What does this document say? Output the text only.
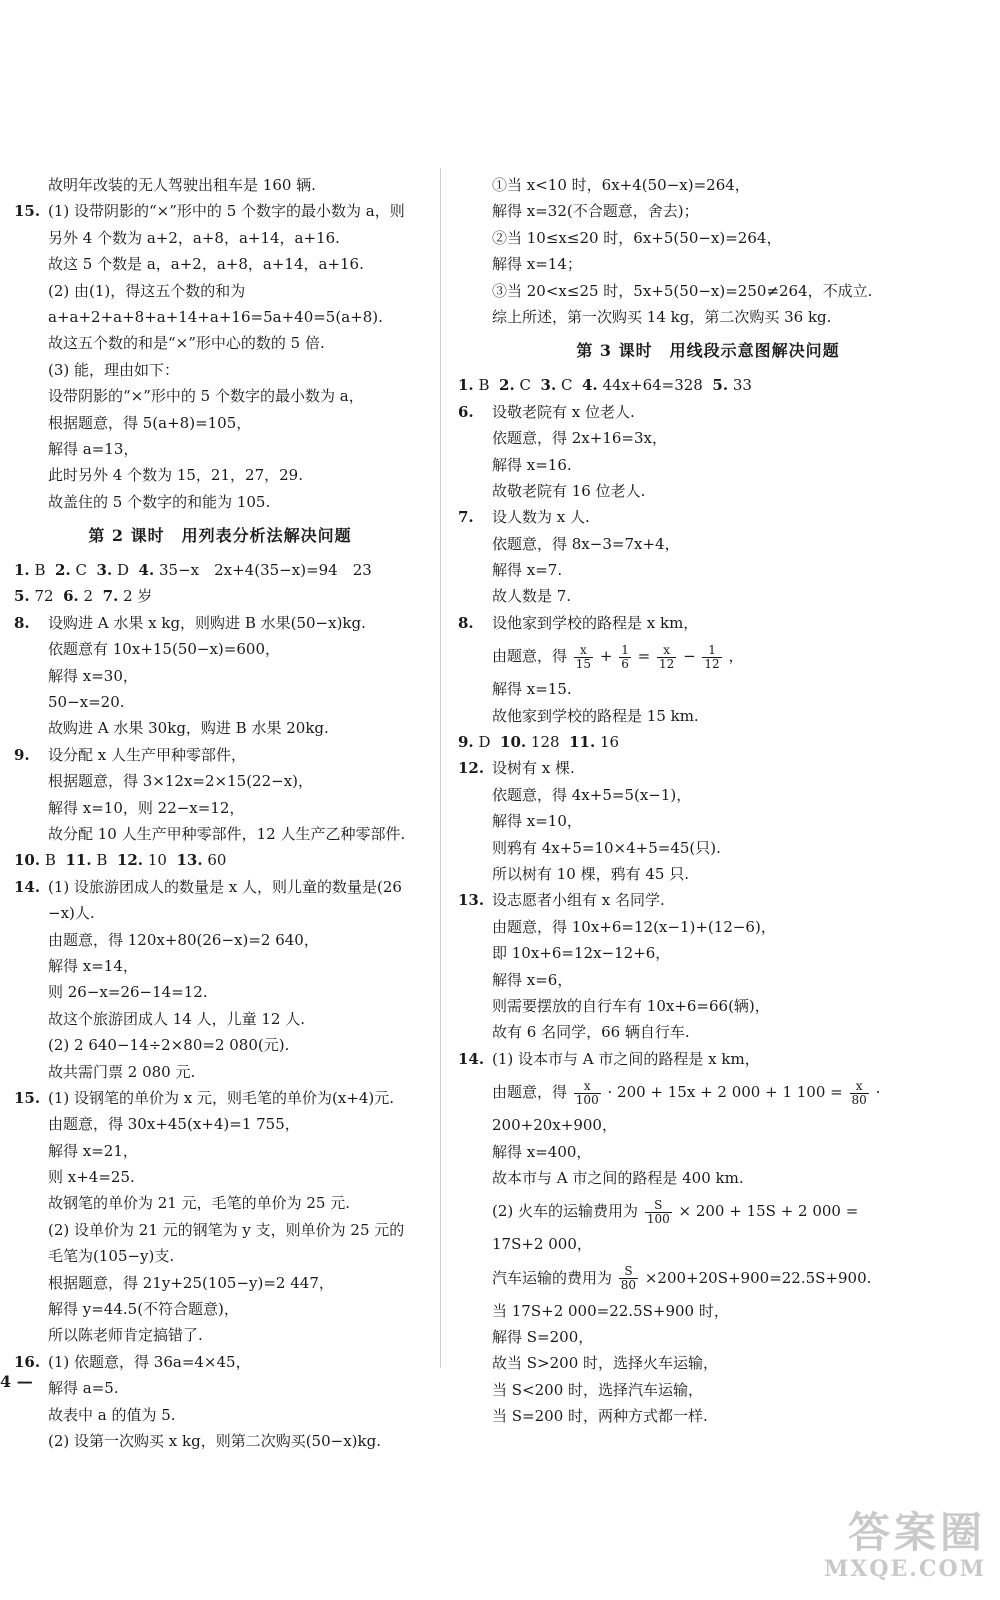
故明年改装的无人驾驶出租车是 160 辆.
15. (1) 设带阴影的“×”形中的 5 个数字的最小数为 a，则
另外 4 个数为 a+2，a+8，a+14，a+16.
故这 5 个数是 a，a+2，a+8，a+14，a+16.
(2) 由(1)，得这五个数的和为
a+a+2+a+8+a+14+a+16=5a+40=5(a+8).
故这五个数的和是“×”形中心的数的 5 倍.
(3) 能，理由如下：
设带阴影的“×”形中的 5 个数字的最小数为 a，
根据题意，得 5(a+8)=105，
解得 a=13，
此时另外 4 个数为 15，21，27，29.
故盖住的 5 个数字的和能为 105.
第 2 课时　用列表分析法解决问题
1. B 2. C 3. D 4. 35−x　2x+4(35−x)=94　23
5. 72 6. 2 7. 2 岁
8. 设购进 A 水果 x kg，则购进 B 水果(50−x)kg.
依题意有 10x+15(50−x)=600，
解得 x=30，
50−x=20.
故购进 A 水果 30kg，购进 B 水果 20kg.
9. 设分配 x 人生产甲种零部件，
根据题意，得 3×12x=2×15(22−x)，
解得 x=10，则 22−x=12，
故分配 10 人生产甲种零部件，12 人生产乙种零部件.
10. B 11. B 12. 10 13. 60
14. (1) 设旅游团成人的数量是 x 人，则儿童的数量是(26
−x)人.
由题意，得 120x+80(26−x)=2 640，
解得 x=14，
则 26−x=26−14=12.
故这个旅游团成人 14 人，儿童 12 人.
(2) 2 640−14÷2×80=2 080(元).
故共需门票 2 080 元.
15. (1) 设钢笔的单价为 x 元，则毛笔的单价为(x+4)元.
由题意，得 30x+45(x+4)=1 755，
解得 x=21，
则 x+4=25.
故钢笔的单价为 21 元，毛笔的单价为 25 元.
(2) 设单价为 21 元的钢笔为 y 支，则单价为 25 元的
毛笔为(105−y)支.
根据题意，得 21y+25(105−y)=2 447，
解得 y=44.5(不符合题意)，
所以陈老师肯定搞错了.
16. (1) 依题意，得 36a=4×45，
解得 a=5.
故表中 a 的值为 5.
(2) 设第一次购买 x kg，则第二次购买(50−x)kg.
①当 x<10 时，6x+4(50−x)=264，
解得 x=32(不合题意，舍去)；
②当 10≤x≤20 时，6x+5(50−x)=264，
解得 x=14；
③当 20<x≤25 时，5x+5(50−x)=250≠264，不成立.
综上所述，第一次购买 14 kg，第二次购买 36 kg.
第 3 课时　用线段示意图解决问题
1. B 2. C 3. C 4. 44x+64=328 5. 33
6. 设敬老院有 x 位老人.
依题意，得 2x+16=3x，
解得 x=16.
故敬老院有 16 位老人.
7. 设人数为 x 人.
依题意，得 8x−3=7x+4，
解得 x=7.
故人数是 7.
8. 设他家到学校的路程是 x km，
由题意，得 $\frac{x}{15} + \frac{1}{6} = \frac{x}{12} - \frac{1}{12}$ ，
解得 x=15.
故他家到学校的路程是 15 km.
9. D 10. 128 11. 16
12. 设树有 x 棵.
依题意，得 4x+5=5(x−1)，
解得 x=10，
则鸦有 4x+5=10×4+5=45(只).
所以树有 10 棵，鸦有 45 只.
13. 设志愿者小组有 x 名同学.
由题意，得 10x+6=12(x−1)+(12−6)，
即 10x+6=12x−12+6，
解得 x=6，
则需要摆放的自行车有 10x+6=66(辆)，
故有 6 名同学，66 辆自行车.
14. (1) 设本市与 A 市之间的路程是 x km，
由题意，得 $\frac{x}{100} \cdot 200 + 15x + 2$ 000 + 1 $100 = \frac{x}{80}$ ·
200+20x+900，
解得 x=400，
故本市与 A 市之间的路程是 400 km.
(2) 火车的运输费用为 $\frac{S}{100} \times 200 + 15S + 2$ 000 =
17S+2 000，
汽车运输的费用为 $\frac{S}{80} \times 200+20S+900=22.5S+900$.
当 17S+2 000=22.5S+900 时，
解得 S=200，
故当 S>200 时，选择火车运输，
当 S<200 时，选择汽车运输，
当 S=200 时，两种方式都一样.
4 —
答案圈
MXQE.COM
